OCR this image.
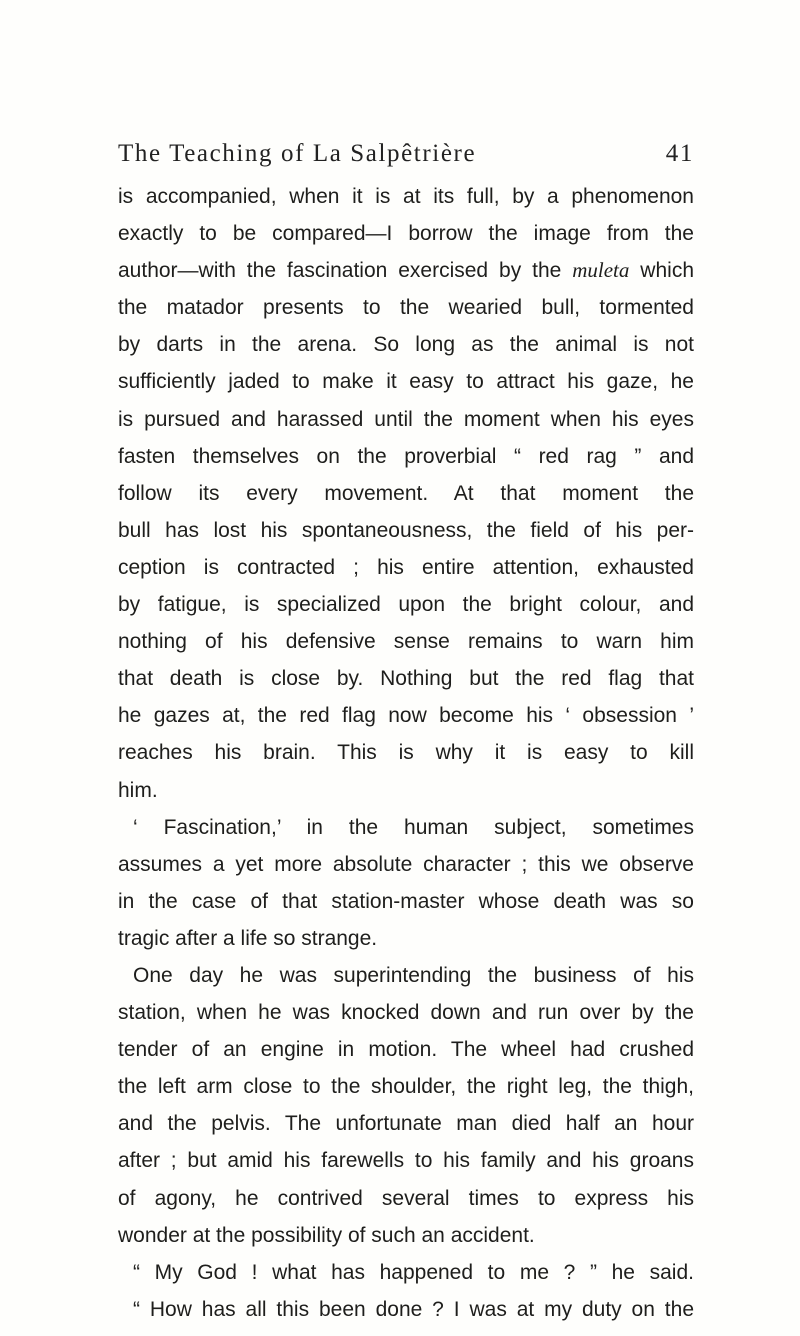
The Teaching of La Salpêtrière	41
is accompanied, when it is at its full, by a phenomenon
exactly to be compared—I borrow the image from the
author—with the fascination exercised by the muleta which
the matador presents to the wearied bull, tormented
by darts in the arena. So long as the animal is not
sufficiently jaded to make it easy to attract his gaze, he
is pursued and harassed until the moment when his eyes
fasten themselves on the proverbial “ red rag ” and
follow its every movement. At that moment the
bull has lost his spontaneousness, the field of his per-
ception is contracted ; his entire attention, exhausted
by fatigue, is specialized upon the bright colour, and
nothing of his defensive sense remains to warn him
that death is close by. Nothing but the red flag that
he gazes at, the red flag now become his ‘ obsession ’
reaches his brain. This is why it is easy to kill
him.
‘ Fascination,’ in the human subject, sometimes
assumes a yet more absolute character ; this we observe
in the case of that station-master whose death was so
tragic after a life so strange.
One day he was superintending the business of his
station, when he was knocked down and run over by the
tender of an engine in motion. The wheel had crushed
the left arm close to the shoulder, the right leg, the thigh,
and the pelvis. The unfortunate man died half an hour
after ; but amid his farewells to his family and his groans
of agony, he contrived several times to express his
wonder at the possibility of such an accident.
“ My God ! what has happened to me ? ” he said.
“ How has all this been done ? I was at my duty on the
